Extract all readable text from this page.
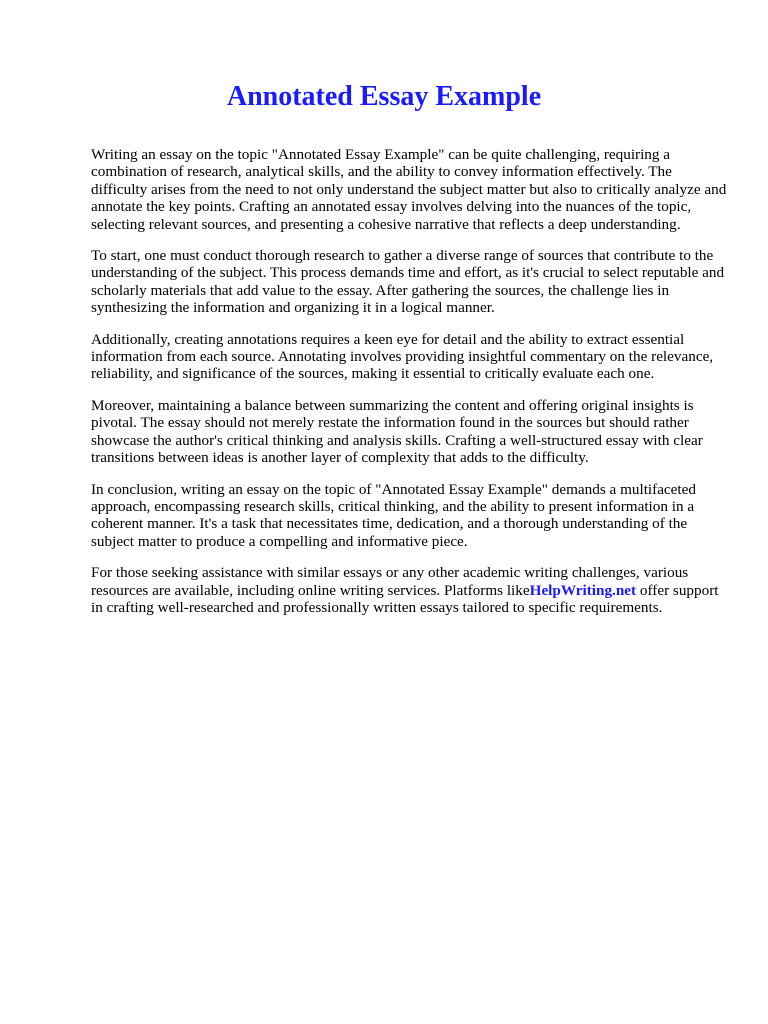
Annotated Essay Example

Writing an essay on the topic "Annotated Essay Example" can be quite challenging, requiring a combination of research, analytical skills, and the ability to convey information effectively. The difficulty arises from the need to not only understand the subject matter but also to critically analyze and annotate the key points. Crafting an annotated essay involves delving into the nuances of the topic, selecting relevant sources, and presenting a cohesive narrative that reflects a deep understanding.

To start, one must conduct thorough research to gather a diverse range of sources that contribute to the understanding of the subject. This process demands time and effort, as it's crucial to select reputable and scholarly materials that add value to the essay. After gathering the sources, the challenge lies in synthesizing the information and organizing it in a logical manner.

Additionally, creating annotations requires a keen eye for detail and the ability to extract essential information from each source. Annotating involves providing insightful commentary on the relevance, reliability, and significance of the sources, making it essential to critically evaluate each one.

Moreover, maintaining a balance between summarizing the content and offering original insights is pivotal. The essay should not merely restate the information found in the sources but should rather showcase the author's critical thinking and analysis skills. Crafting a well-structured essay with clear transitions between ideas is another layer of complexity that adds to the difficulty.

In conclusion, writing an essay on the topic of "Annotated Essay Example" demands a multifaceted approach, encompassing research skills, critical thinking, and the ability to present information in a coherent manner. It's a task that necessitates time, dedication, and a thorough understanding of the subject matter to produce a compelling and informative piece.

For those seeking assistance with similar essays or any other academic writing challenges, various resources are available, including online writing services. Platforms likeHelpWriting.net offer support in crafting well-researched and professionally written essays tailored to specific requirements.
